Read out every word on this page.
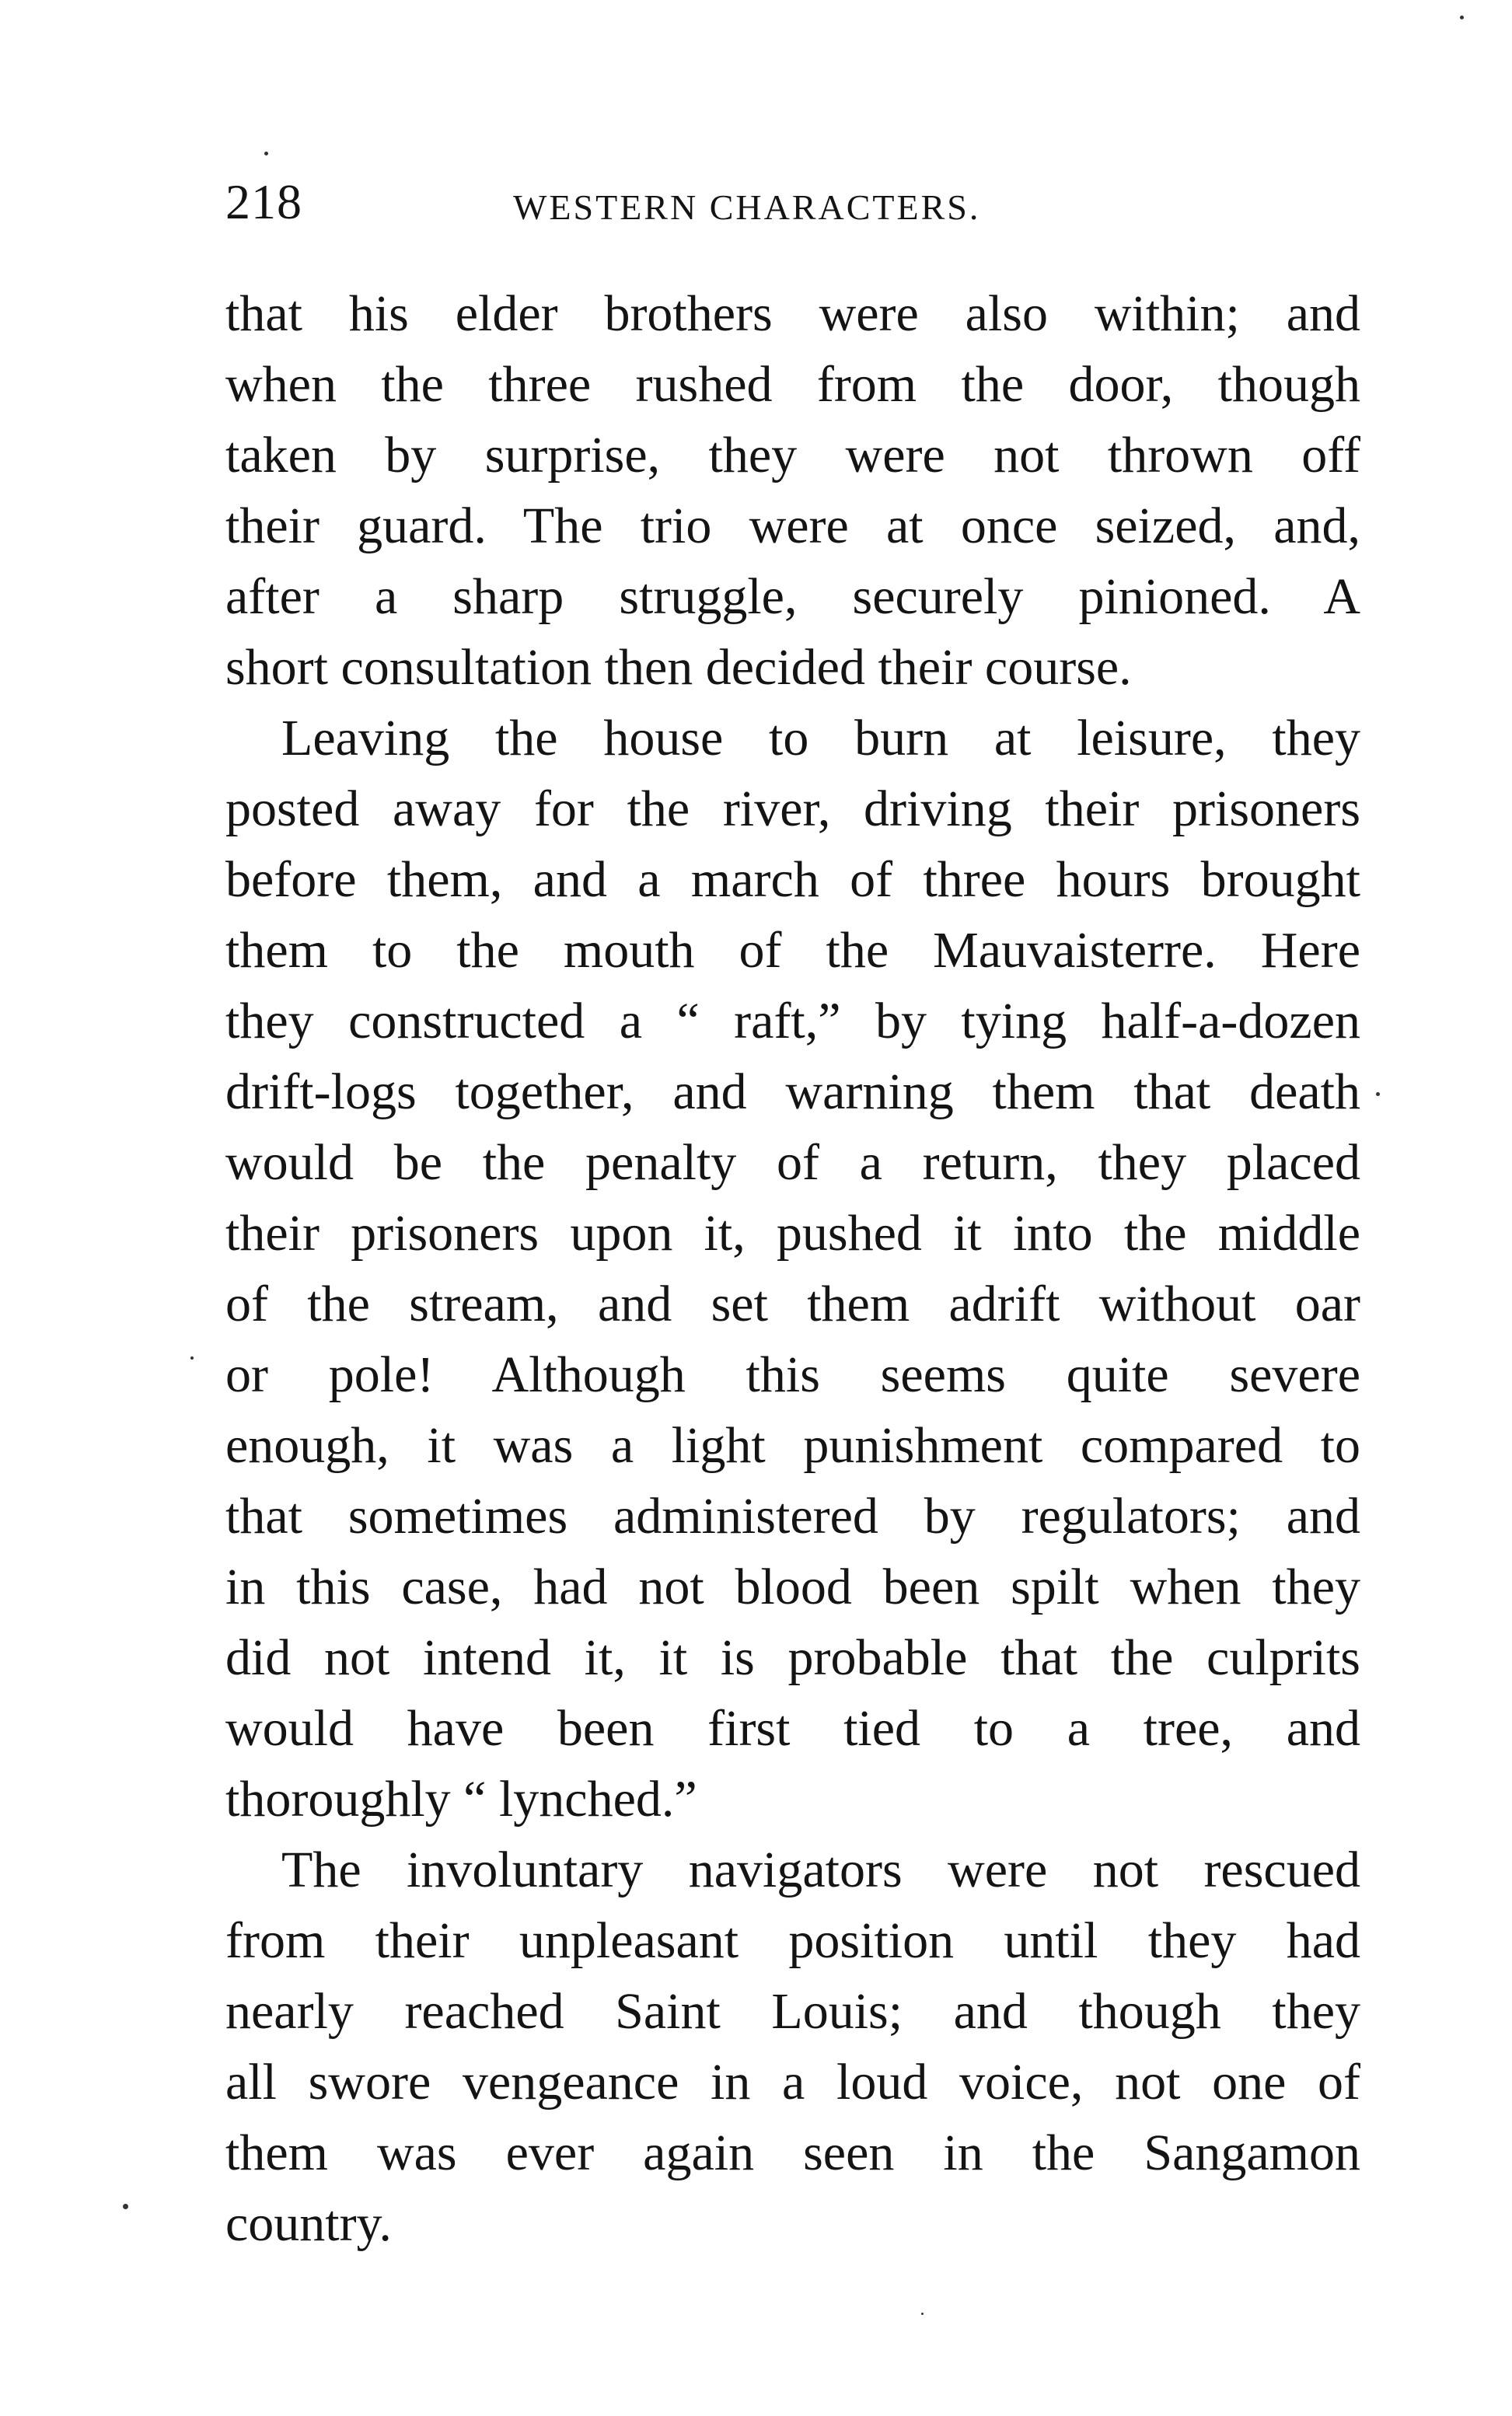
218	WESTERN CHARACTERS.
that his elder brothers were also within; and
when the three rushed from the door, though
taken by surprise, they were not thrown off
their guard. The trio were at once seized, and,
after a sharp struggle, securely pinioned. A
short consultation then decided their course.
Leaving the house to burn at leisure, they
posted away for the river, driving their prisoners
before them, and a march of three hours brought
them to the mouth of the Mauvaisterre. Here
they constructed a “ raft,” by tying half-a-dozen
drift-logs together, and warning them that death
would be the penalty of a return, they placed
their prisoners upon it, pushed it into the middle
of the stream, and set them adrift without oar
or pole! Although this seems quite severe
enough, it was a light punishment compared to
that sometimes administered by regulators; and
in this case, had not blood been spilt when they
did not intend it, it is probable that the culprits
would have been first tied to a tree, and
thoroughly “ lynched.”
The involuntary navigators were not rescued
from their unpleasant position until they had
nearly reached Saint Louis; and though they
all swore vengeance in a loud voice, not one of
them was ever again seen in the Sangamon
country.
